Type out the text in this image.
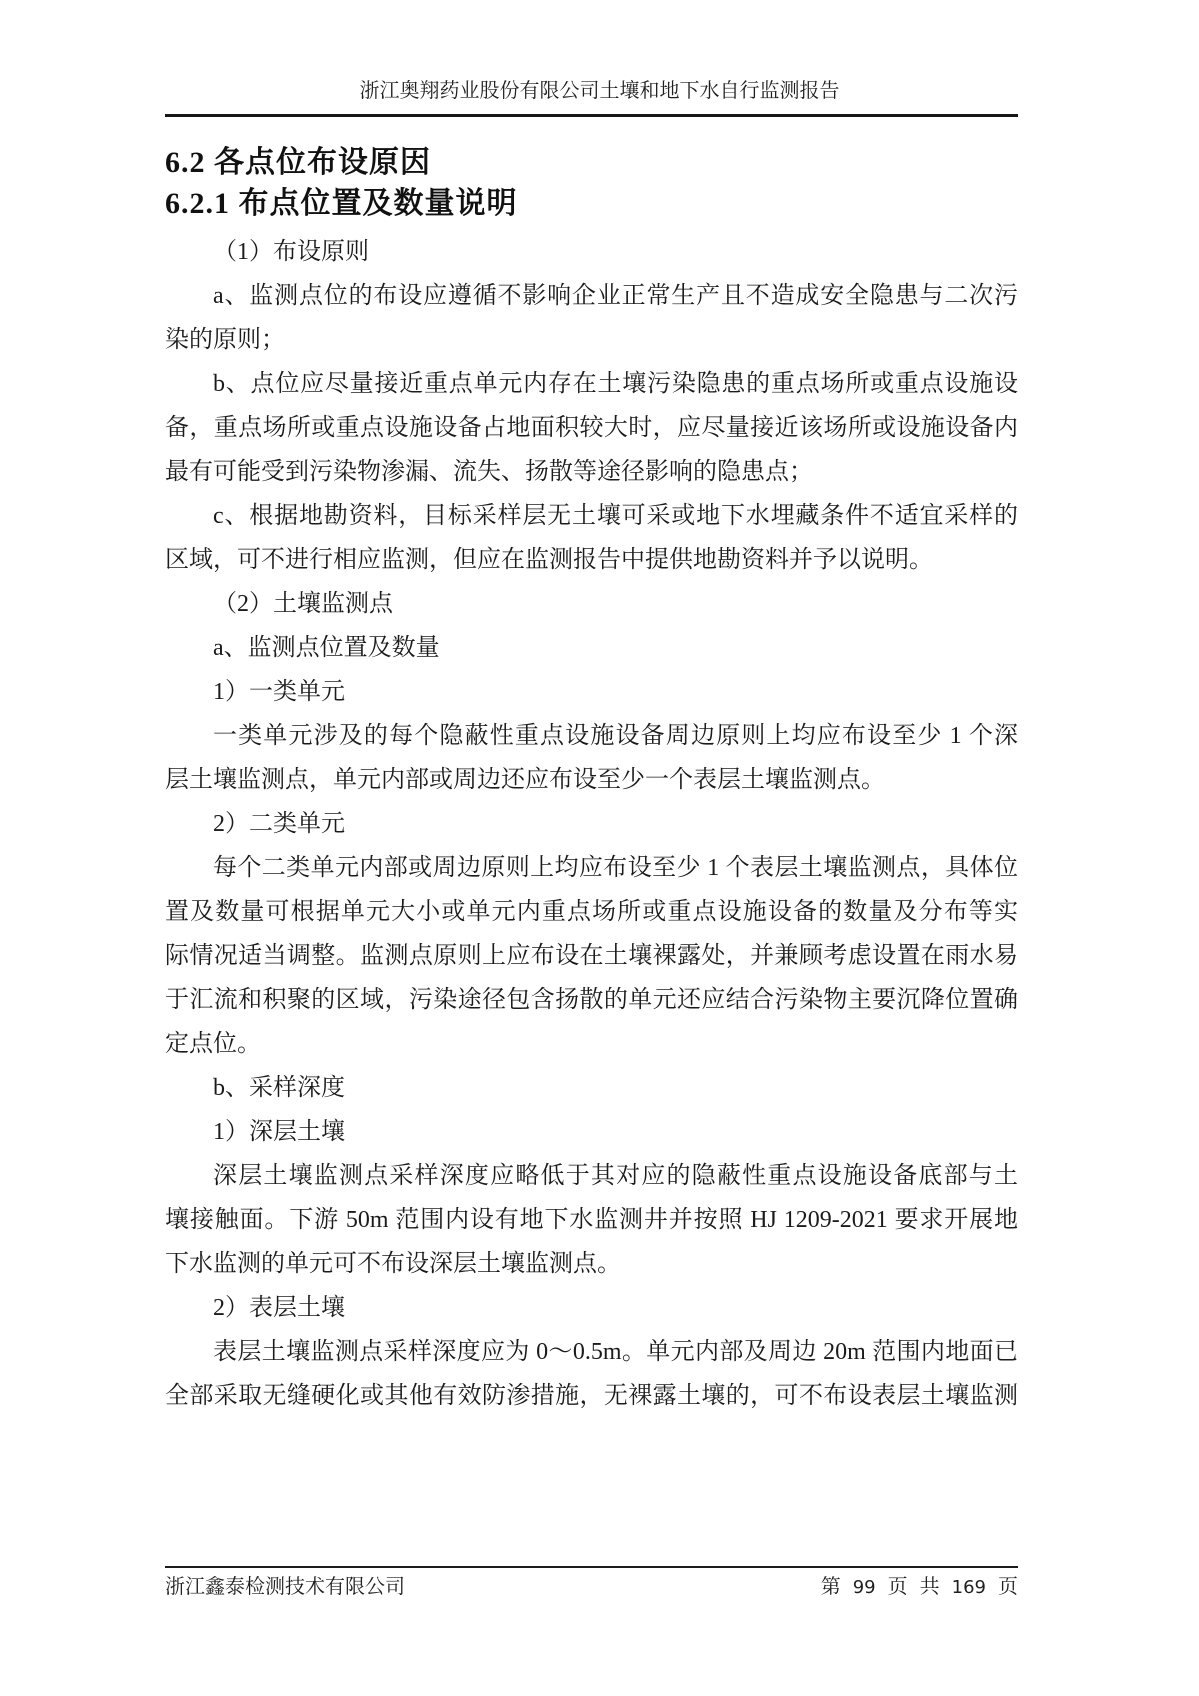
浙江奥翔药业股份有限公司土壤和地下水自行监测报告
6.2 各点位布设原因
6.2.1 布点位置及数量说明
（1）布设原则
a、监测点位的布设应遵循不影响企业正常生产且不造成安全隐患与二次污
染的原则；
b、点位应尽量接近重点单元内存在土壤污染隐患的重点场所或重点设施设
备，重点场所或重点设施设备占地面积较大时，应尽量接近该场所或设施设备内
最有可能受到污染物渗漏、流失、扬散等途径影响的隐患点；
c、根据地勘资料，目标采样层无土壤可采或地下水埋藏条件不适宜采样的
区域，可不进行相应监测，但应在监测报告中提供地勘资料并予以说明。
（2）土壤监测点
a、监测点位置及数量
1）一类单元
一类单元涉及的每个隐蔽性重点设施设备周边原则上均应布设至少 1 个深
层土壤监测点，单元内部或周边还应布设至少一个表层土壤监测点。
2）二类单元
每个二类单元内部或周边原则上均应布设至少 1 个表层土壤监测点，具体位
置及数量可根据单元大小或单元内重点场所或重点设施设备的数量及分布等实
际情况适当调整。监测点原则上应布设在土壤裸露处，并兼顾考虑设置在雨水易
于汇流和积聚的区域，污染途径包含扬散的单元还应结合污染物主要沉降位置确
定点位。
b、采样深度
1）深层土壤
深层土壤监测点采样深度应略低于其对应的隐蔽性重点设施设备底部与土
壤接触面。下游 50m 范围内设有地下水监测井并按照 HJ 1209-2021 要求开展地
下水监测的单元可不布设深层土壤监测点。
2）表层土壤
表层土壤监测点采样深度应为 0～0.5m。单元内部及周边 20m 范围内地面已
全部采取无缝硬化或其他有效防渗措施，无裸露土壤的，可不布设表层土壤监测
浙江鑫泰检测技术有限公司	第 99 页 共 169 页
